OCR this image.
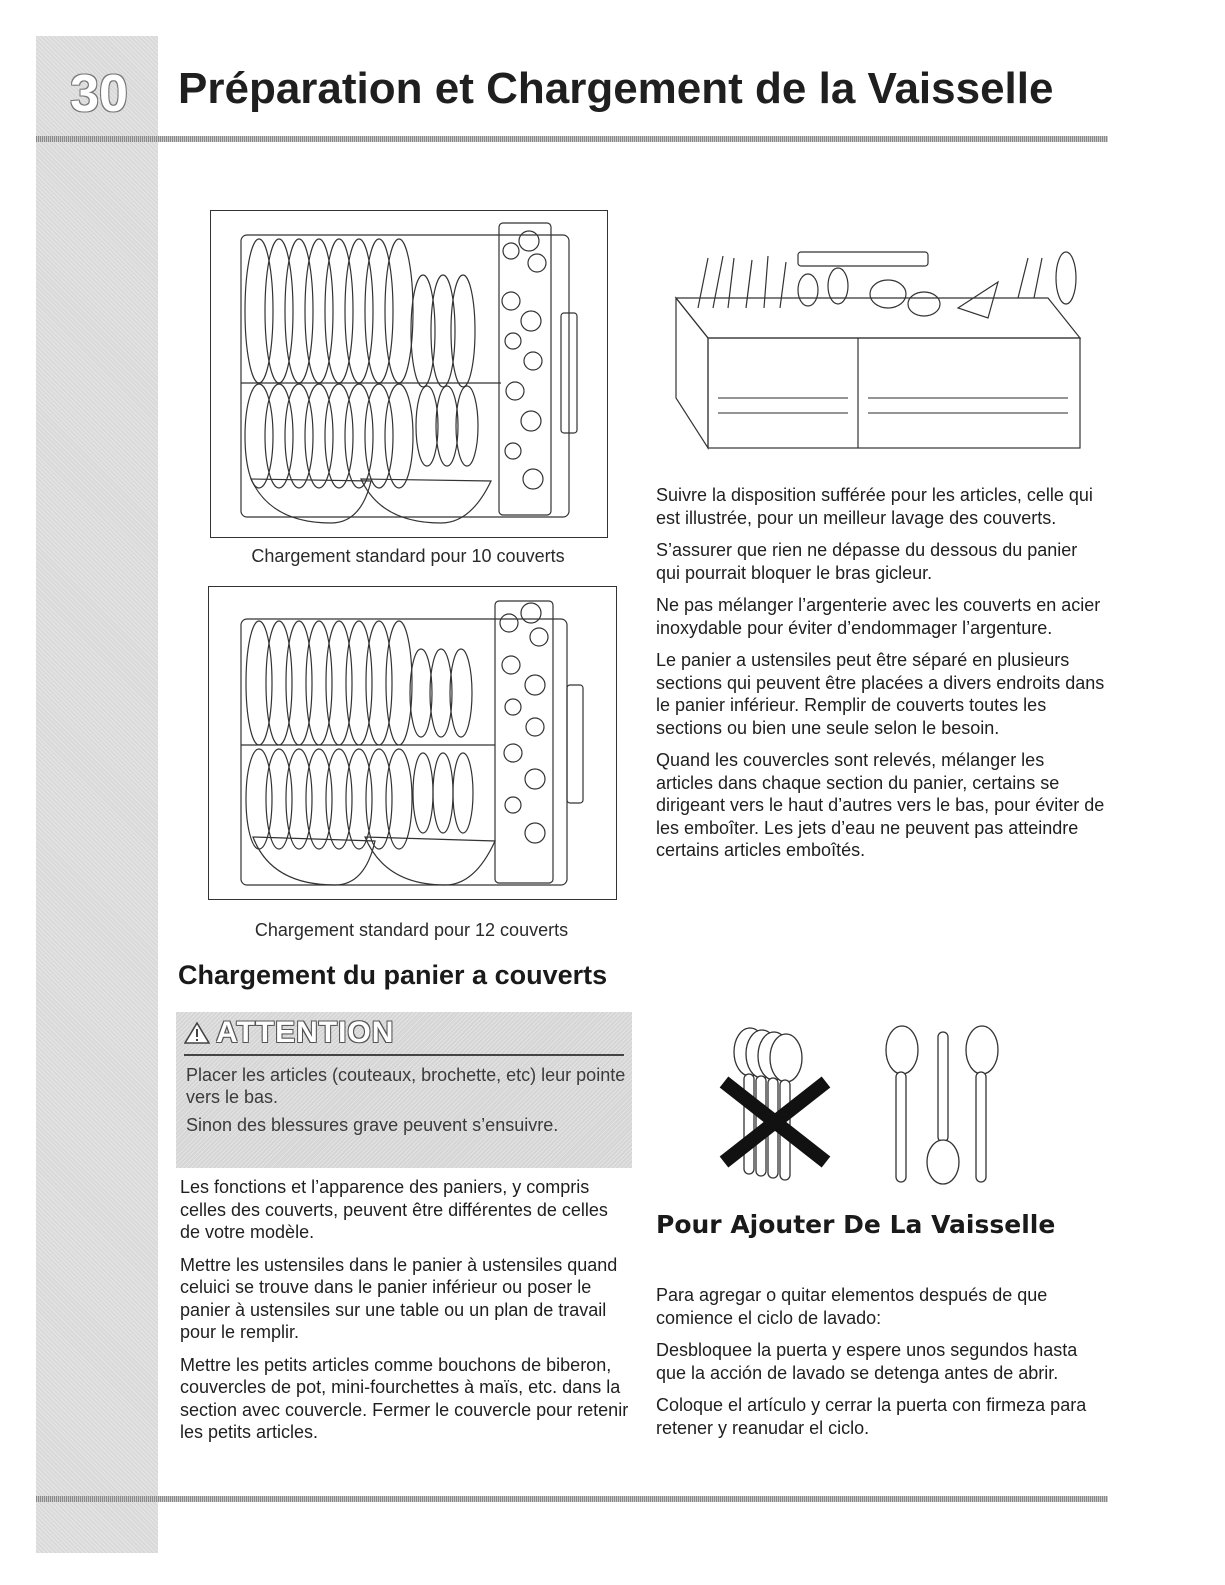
30	Préparation et Chargement de la Vaisselle
Chargement standard pour 10 couverts
Chargement standard pour 12 couverts
Chargement du panier a couverts
ATTENTION

Placer les articles (couteaux, brochette, etc) leur pointe vers le bas.

Sinon des blessures grave peuvent s’ensuivre.

Les fonctions et l’apparence des paniers, y compris celles des couverts, peuvent être différentes de celles de votre modèle.

Mettre les ustensiles dans le panier à ustensiles quand celuici se trouve dans le panier inférieur ou poser le panier à ustensiles sur une table ou un plan de travail pour le remplir.

Mettre les petits articles comme bouchons de biberon, couvercles de pot, mini-fourchettes à maïs, etc. dans la section avec couvercle. Fermer le couvercle pour retenir les petits articles.

Suivre la disposition sufférée pour les articles, celle qui est illustrée, pour un meilleur lavage des couverts.

S’assurer que rien ne dépasse du dessous du panier qui pourrait bloquer le bras gicleur.

Ne pas mélanger l’argenterie avec les couverts en acier inoxydable pour éviter d’endommager l’argenture.

Le panier a ustensiles peut être séparé en plusieurs sections qui peuvent être placées a divers endroits dans le panier inférieur. Remplir de couverts toutes les sections ou bien une seule selon le besoin.

Quand les couvercles sont relevés, mélanger les articles dans chaque section du panier, certains se dirigeant vers le haut d’autres vers le bas, pour éviter de les emboîter. Les jets d’eau ne peuvent pas atteindre certains articles emboîtés.

Pour Ajouter De La Vaisselle

Para agregar o quitar elementos después de que comience el ciclo de lavado:

Desbloquee la puerta y espere unos segundos hasta que la acción de lavado se detenga antes de abrir.

Coloque el artículo y cerrar la puerta con firmeza para retener y reanudar el ciclo.
